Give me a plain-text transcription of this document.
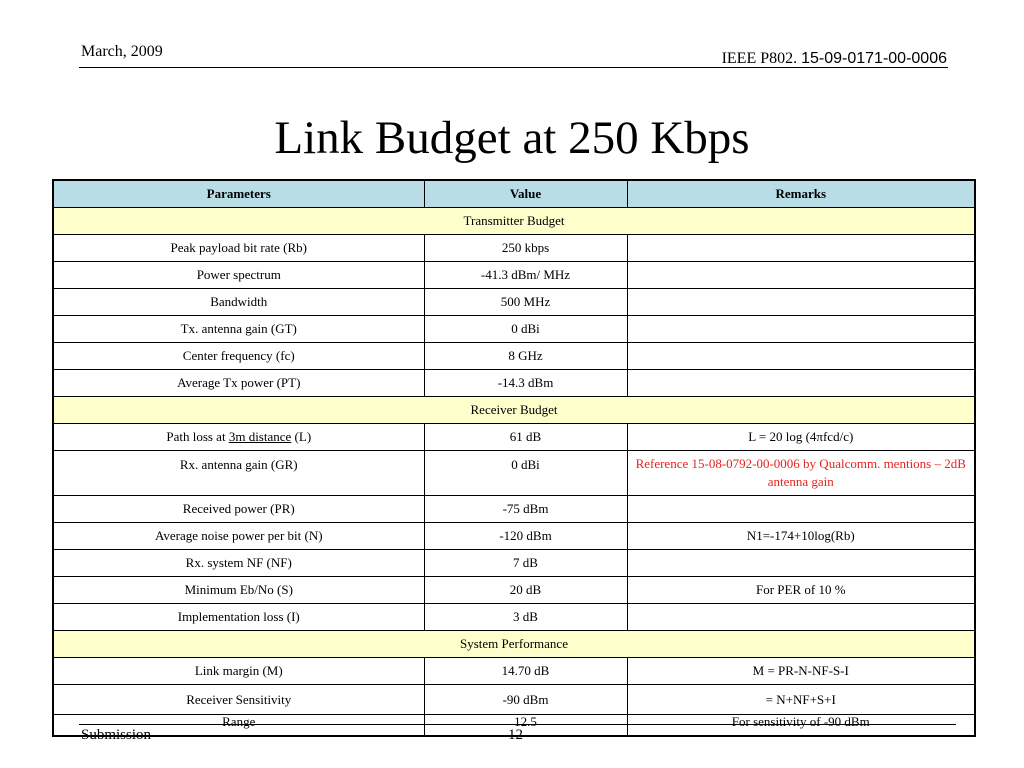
March, 2009	IEEE P802. 15-09-0171-00-0006
Link Budget at 250 Kbps
Parameters	Value	Remarks
Transmitter Budget		
Peak payload bit rate (Rb)	250 kbps	
Power spectrum	-41.3 dBm/ MHz	
Bandwidth	500 MHz	
Tx. antenna gain (GT)	0 dBi	
Center frequency (fc)	8 GHz	
Average Tx power (PT)	-14.3 dBm	
Receiver Budget		
Path loss at 3m distance (L)	61 dB	L = 20 log (4πfcd/c)
Rx. antenna gain (GR)	0 dBi	Reference 15-08-0792-00-0006 by Qualcomm. mentions – 2dB antenna gain
Received power (PR)	-75 dBm	
Average noise power per bit (N)	-120 dBm	N1=-174+10log(Rb)
Rx. system NF (NF)	7 dB	
Minimum Eb/No (S)	20 dB	For PER of 10 %
Implementation loss (I)	3 dB	
System Performance		
Link margin (M)	14.70 dB	M = PR-N-NF-S-I
Receiver Sensitivity	-90 dBm	= N+NF+S+I
Range	12.5	For sensitivity of -90 dBm
Submission	12
